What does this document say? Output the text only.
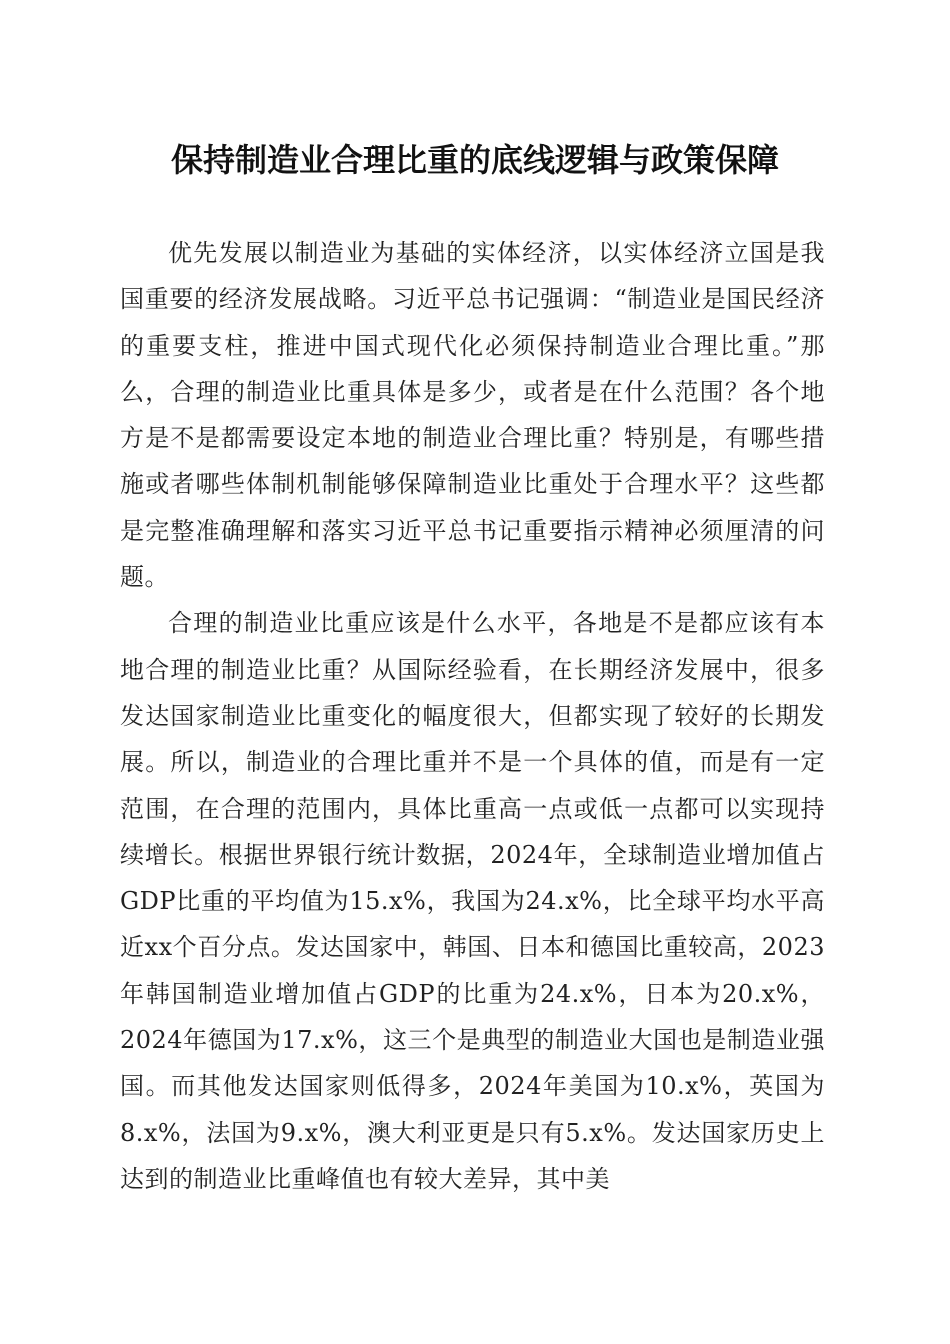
保持制造业合理比重的底线逻辑与政策保障

优先发展以制造业为基础的实体经济，以实体经济立国是我国重要的经济发展战略。习近平总书记强调：“制造业是国民经济的重要支柱，推进中国式现代化必须保持制造业合理比重。”那么，合理的制造业比重具体是多少，或者是在什么范围？各个地方是不是都需要设定本地的制造业合理比重？特别是，有哪些措施或者哪些体制机制能够保障制造业比重处于合理水平？这些都是完整准确理解和落实习近平总书记重要指示精神必须厘清的问题。

合理的制造业比重应该是什么水平，各地是不是都应该有本地合理的制造业比重？从国际经验看，在长期经济发展中，很多发达国家制造业比重变化的幅度很大，但都实现了较好的长期发展。所以，制造业的合理比重并不是一个具体的值，而是有一定范围，在合理的范围内，具体比重高一点或低一点都可以实现持续增长。根据世界银行统计数据，2024年，全球制造业增加值占GDP比重的平均值为15.x%，我国为24.x%，比全球平均水平高近xx个百分点。发达国家中，韩国、日本和德国比重较高，2023年韩国制造业增加值占GDP的比重为24.x%，日本为20.x%，2024年德国为17.x%，这三个是典型的制造业大国也是制造业强国。而其他发达国家则低得多，2024年美国为10.x%，英国为8.x%，法国为9.x%，澳大利亚更是只有5.x%。发达国家历史上达到的制造业比重峰值也有较大差异，其中美
